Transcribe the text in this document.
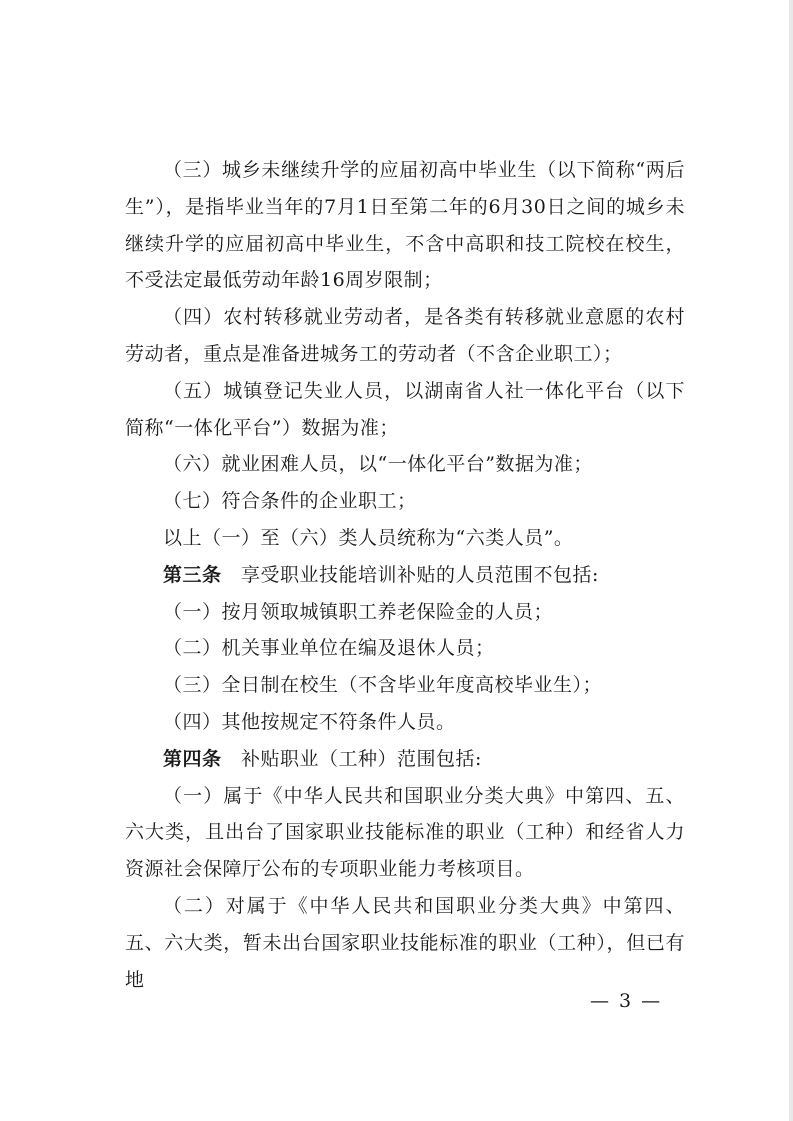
（三）城乡未继续升学的应届初高中毕业生（以下简称“两后生”），是指毕业当年的7月1日至第二年的6月30日之间的城乡未继续升学的应届初高中毕业生，不含中高职和技工院校在校生，不受法定最低劳动年龄16周岁限制；

（四）农村转移就业劳动者，是各类有转移就业意愿的农村劳动者，重点是准备进城务工的劳动者（不含企业职工）；

（五）城镇登记失业人员，以湖南省人社一体化平台（以下简称“一体化平台”）数据为准；

（六）就业困难人员，以“一体化平台”数据为准；

（七）符合条件的企业职工；

以上（一）至（六）类人员统称为“六类人员”。

第三条　享受职业技能培训补贴的人员范围不包括:

（一）按月领取城镇职工养老保险金的人员；

（二）机关事业单位在编及退休人员；

（三）全日制在校生（不含毕业年度高校毕业生）；

（四）其他按规定不符条件人员。

第四条　补贴职业（工种）范围包括:

（一）属于《中华人民共和国职业分类大典》中第四、五、六大类，且出台了国家职业技能标准的职业（工种）和经省人力资源社会保障厅公布的专项职业能力考核项目。

（二）对属于《中华人民共和国职业分类大典》中第四、五、六大类，暂未出台国家职业技能标准的职业（工种），但已有地

— 3 —
